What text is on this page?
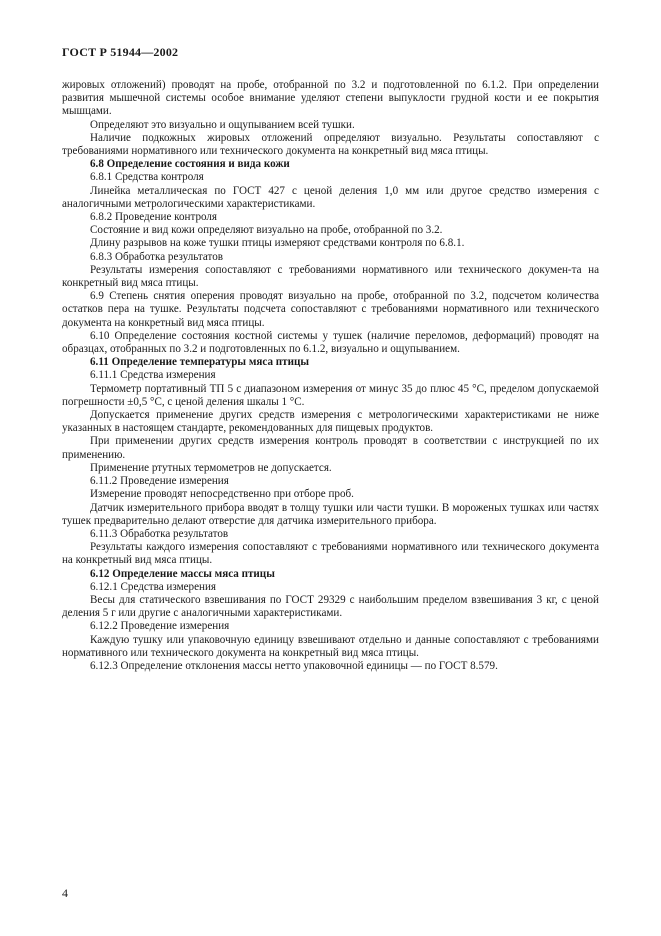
ГОСТ Р 51944—2002

жировых отложений) проводят на пробе, отобранной по 3.2 и подготовленной по 6.1.2. При определении развития мышечной системы особое внимание уделяют степени выпуклости грудной кости и ее покрытия мышцами.

Определяют это визуально и ощупыванием всей тушки.

Наличие подкожных жировых отложений определяют визуально. Результаты сопоставляют с требованиями нормативного или технического документа на конкретный вид мяса птицы.

6.8 Определение состояния и вида кожи

6.8.1 Средства контроля

Линейка металлическая по ГОСТ 427 с ценой деления 1,0 мм или другое средство измерения с аналогичными метрологическими характеристиками.

6.8.2 Проведение контроля

Состояние и вид кожи определяют визуально на пробе, отобранной по 3.2.

Длину разрывов на коже тушки птицы измеряют средствами контроля по 6.8.1.

6.8.3 Обработка результатов

Результаты измерения сопоставляют с требованиями нормативного или технического докумен-та на конкретный вид мяса птицы.

6.9 Степень снятия оперения проводят визуально на пробе, отобранной по 3.2, подсчетом количества остатков пера на тушке. Результаты подсчета сопоставляют с требованиями нормативного или технического документа на конкретный вид мяса птицы.

6.10 Определение состояния костной системы у тушек (наличие переломов, деформаций) проводят на образцах, отобранных по 3.2 и подготовленных по 6.1.2, визуально и ощупыванием.

6.11 Определение температуры мяса птицы

6.11.1 Средства измерения

Термометр портативный ТП 5 с диапазоном измерения от минус 35 до плюс 45 °С, пределом допускаемой погрешности ±0,5 °С, с ценой деления шкалы 1 °С.

Допускается применение других средств измерения с метрологическими характеристиками не ниже указанных в настоящем стандарте, рекомендованных для пищевых продуктов.

При применении других средств измерения контроль проводят в соответствии с инструкцией по их применению.

Применение ртутных термометров не допускается.

6.11.2 Проведение измерения

Измерение проводят непосредственно при отборе проб.

Датчик измерительного прибора вводят в толщу тушки или части тушки. В мороженых тушках или частях тушек предварительно делают отверстие для датчика измерительного прибора.

6.11.3 Обработка результатов

Результаты каждого измерения сопоставляют с требованиями нормативного или технического документа на конкретный вид мяса птицы.

6.12 Определение массы мяса птицы

6.12.1 Средства измерения

Весы для статического взвешивания по ГОСТ 29329 с наибольшим пределом взвешивания 3 кг, с ценой деления 5 г или другие с аналогичными характеристиками.

6.12.2 Проведение измерения

Каждую тушку или упаковочную единицу взвешивают отдельно и данные сопоставляют с требованиями нормативного или технического документа на конкретный вид мяса птицы.

6.12.3 Определение отклонения массы нетто упаковочной единицы — по ГОСТ 8.579.

4
